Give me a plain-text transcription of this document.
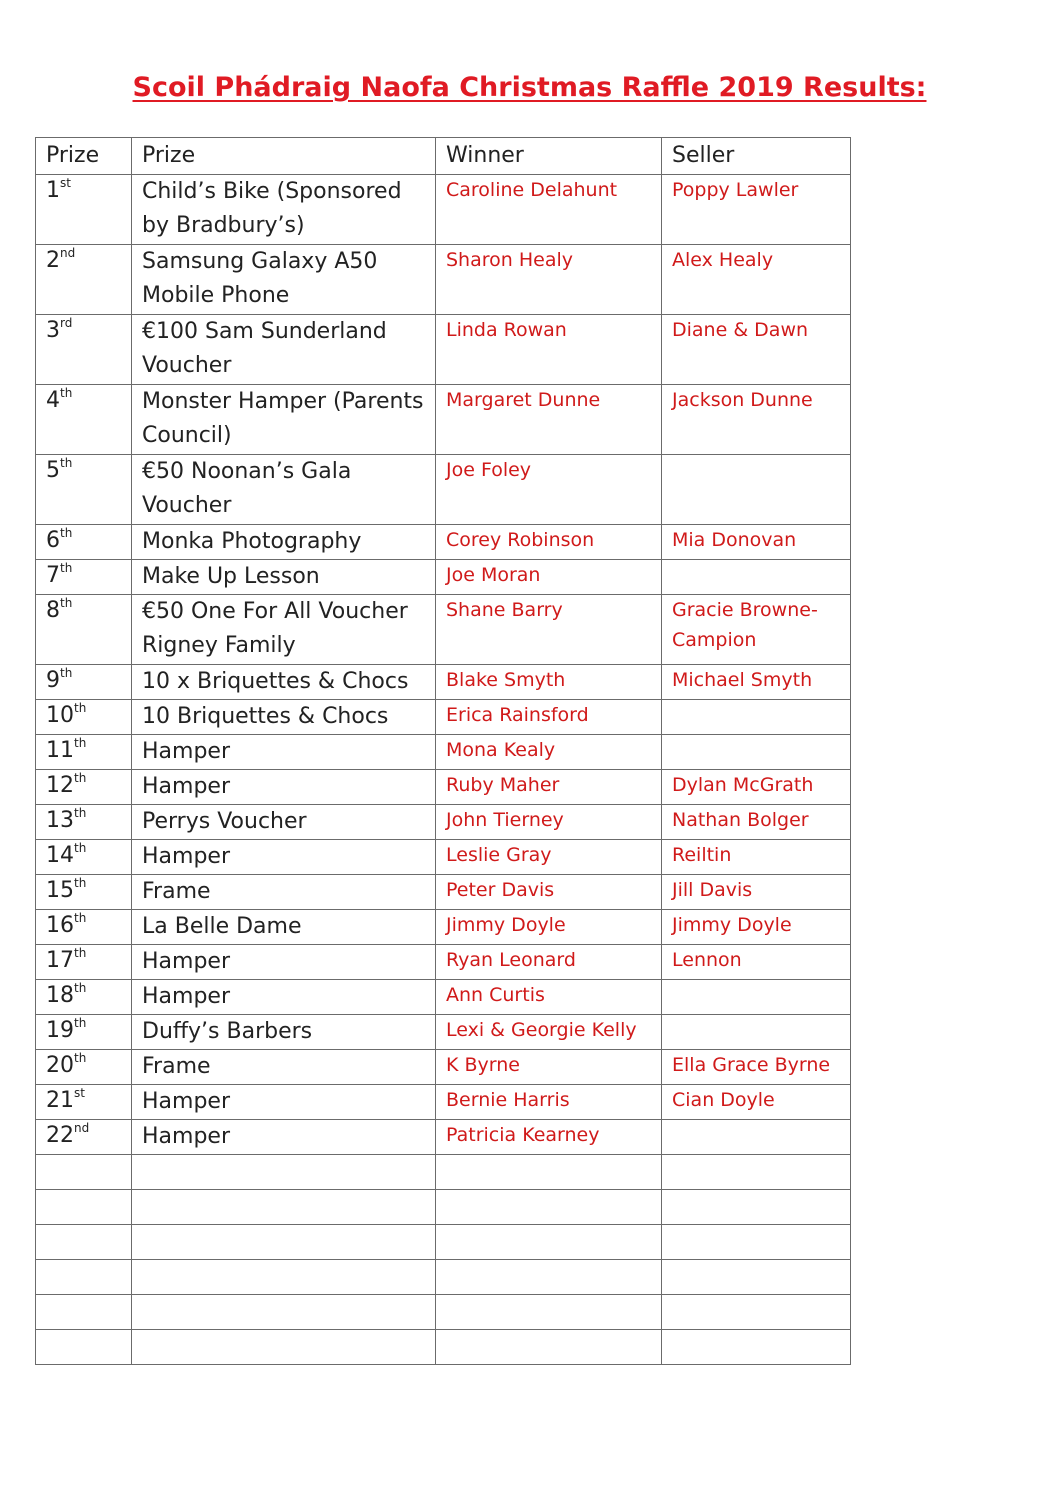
Scoil Phádraig Naofa Christmas Raffle 2019 Results:
Prize	Prize	Winner	Seller
1st	Child’s Bike (Sponsored by Bradbury’s)	Caroline Delahunt	Poppy Lawler
2nd	Samsung Galaxy A50 Mobile Phone	Sharon Healy	Alex Healy
3rd	€100 Sam Sunderland Voucher	Linda Rowan	Diane & Dawn
4th	Monster Hamper (Parents Council)	Margaret Dunne	Jackson Dunne
5th	€50 Noonan’s Gala Voucher	Joe Foley	
6th	Monka Photography	Corey Robinson	Mia Donovan
7th	Make Up Lesson	Joe Moran	
8th	€50 One For All Voucher Rigney Family	Shane Barry	Gracie Browne-Campion
9th	10 x Briquettes & Chocs	Blake Smyth	Michael Smyth
10th	10 Briquettes & Chocs	Erica Rainsford	
11th	Hamper	Mona Kealy	
12th	Hamper	Ruby Maher	Dylan McGrath
13th	Perrys Voucher	John Tierney	Nathan Bolger
14th	Hamper	Leslie Gray	Reiltin
15th	Frame	Peter Davis	Jill Davis
16th	La Belle Dame	Jimmy Doyle	Jimmy Doyle
17th	Hamper	Ryan Leonard	Lennon
18th	Hamper	Ann Curtis	
19th	Duffy’s Barbers	Lexi & Georgie Kelly	
20th	Frame	K Byrne	Ella Grace Byrne
21st	Hamper	Bernie Harris	Cian Doyle
22nd	Hamper	Patricia Kearney	
